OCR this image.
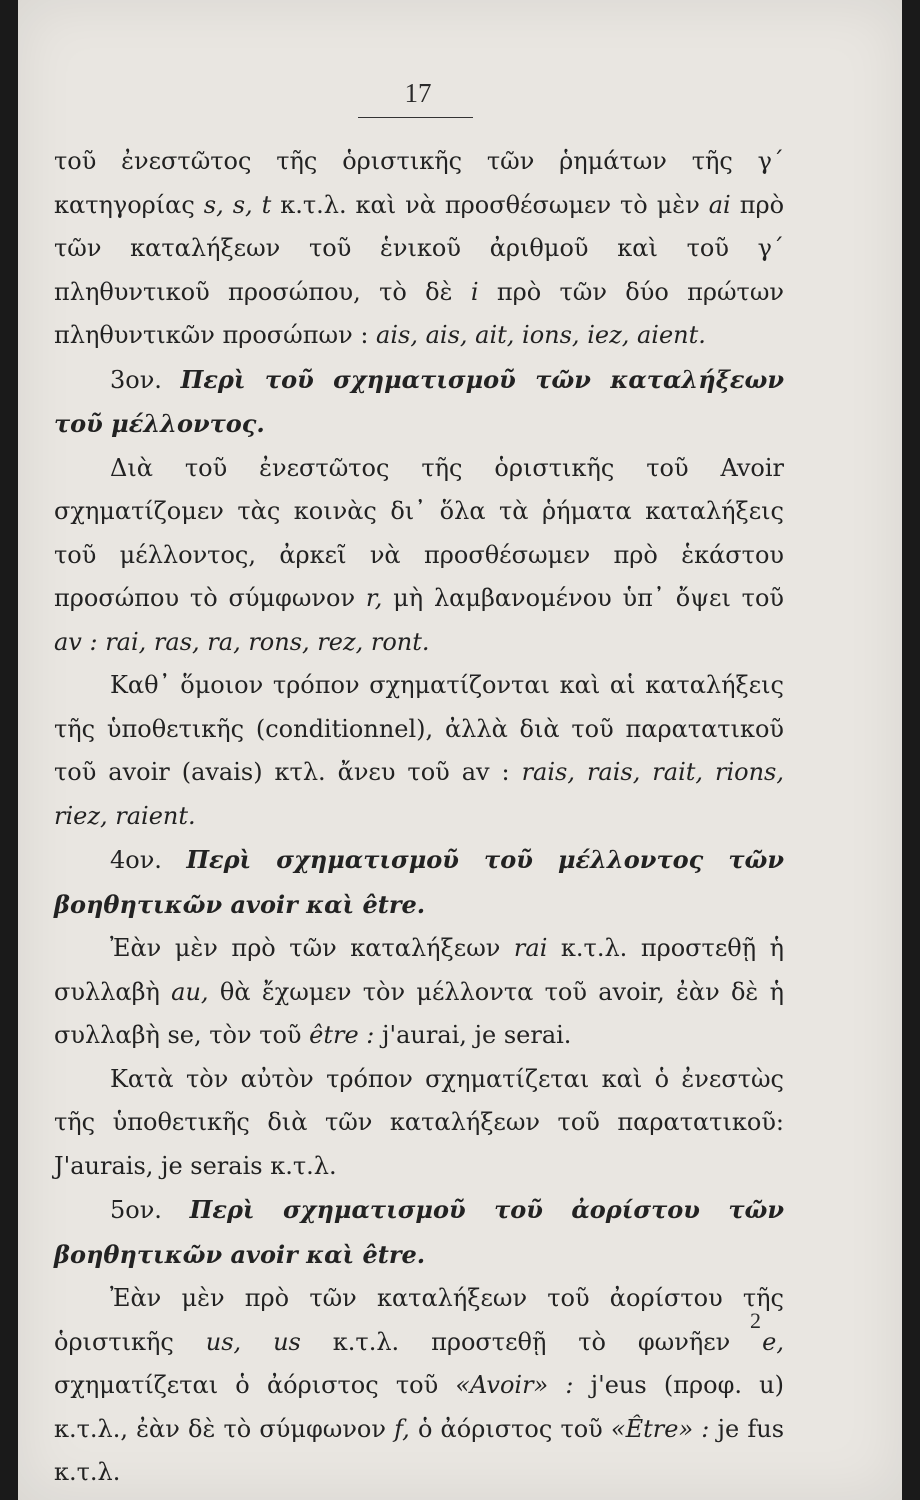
17

τοῦ ἐνεστῶτος τῆς ὁριστικῆς τῶν ῥημάτων τῆς γ΄ κατηγορίας s, s, t κ.τ.λ. καὶ νὰ προσθέσωμεν τὸ μὲν ai πρὸ τῶν καταλήξεων τοῦ ἑνικοῦ ἀριθμοῦ καὶ τοῦ γ΄ πληθυντικοῦ προσώπου, τὸ δὲ i πρὸ τῶν δύο πρώτων πληθυντικῶν προσώπων : ais, ais, ait, ions, iez, aient.

3ον. Περὶ τοῦ σχηματισμοῦ τῶν καταλήξεων τοῦ μέλλοντος.

Διὰ τοῦ ἐνεστῶτος τῆς ὁριστικῆς τοῦ Avoir σχηματίζομεν τὰς κοινὰς δι᾽ ὅλα τὰ ῥήματα καταλήξεις τοῦ μέλλοντος, ἀρκεῖ νὰ προσθέσωμεν πρὸ ἑκάστου προσώπου τὸ σύμφωνον r, μὴ λαμβανομένου ὑπ᾽ ὄψει τοῦ av : rai, ras, ra, rons, rez, ront.

Καθ᾽ ὅμοιον τρόπον σχηματίζονται καὶ αἱ καταλήξεις τῆς ὑποθετικῆς (conditionnel), ἀλλὰ διὰ τοῦ παρατατικοῦ τοῦ avoir (avais) κτλ. ἄνευ τοῦ av : rais, rais, rait, rions, riez, raient.

4ον. Περὶ σχηματισμοῦ τοῦ μέλλοντος τῶν βοηθητικῶν avoir καὶ être.

Ἐὰν μὲν πρὸ τῶν καταλήξεων rai κ.τ.λ. προστεθῇ ἡ συλλαβὴ au, θὰ ἔχωμεν τὸν μέλλοντα τοῦ avoir, ἐὰν δὲ ἡ συλλαβὴ se, τὸν τοῦ être : j'aurai, je serai.

Κατὰ τὸν αὐτὸν τρόπον σχηματίζεται καὶ ὁ ἐνεστὼς τῆς ὑποθετικῆς διὰ τῶν καταλήξεων τοῦ παρατατικοῦ: J'aurais, je serais κ.τ.λ.

5ον. Περὶ σχηματισμοῦ τοῦ ἀορίστου τῶν βοηθητικῶν avoir καὶ être.

Ἐὰν μὲν πρὸ τῶν καταλήξεων τοῦ ἀορίστου τῆς ὁριστικῆς us, us κ.τ.λ. προστεθῇ τὸ φωνῆεν e, σχηματίζεται ὁ ἀόριστος τοῦ «Avoir» : j'eus (προφ. u) κ.τ.λ., ἐὰν δὲ τὸ σύμφωνον f, ὁ ἀόριστος τοῦ «Être» : je fus κ.τ.λ.

2
